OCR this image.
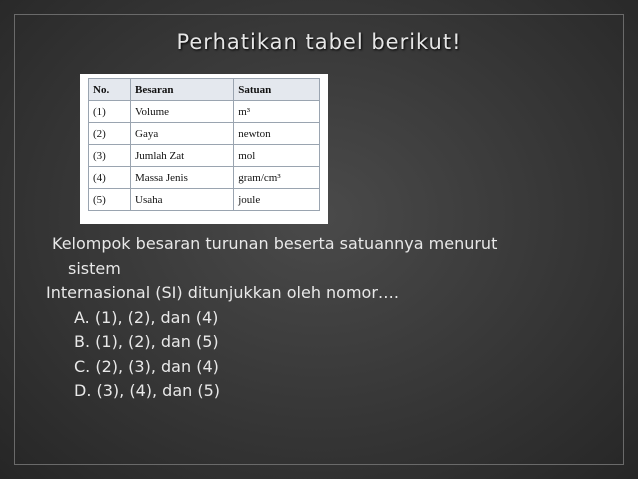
Perhatikan tabel berikut!
No.	Besaran	Satuan
(1)	Volume	m³
(2)	Gaya	newton
(3)	Jumlah Zat	mol
(4)	Massa Jenis	gram/cm³
(5)	Usaha	joule
Kelompok besaran turunan beserta satuannya menurut
sistem
Internasional (SI) ditunjukkan oleh nomor….
A. (1), (2), dan (4)
B. (1), (2), dan (5)
C. (2), (3), dan (4)
D. (3), (4), dan (5)
